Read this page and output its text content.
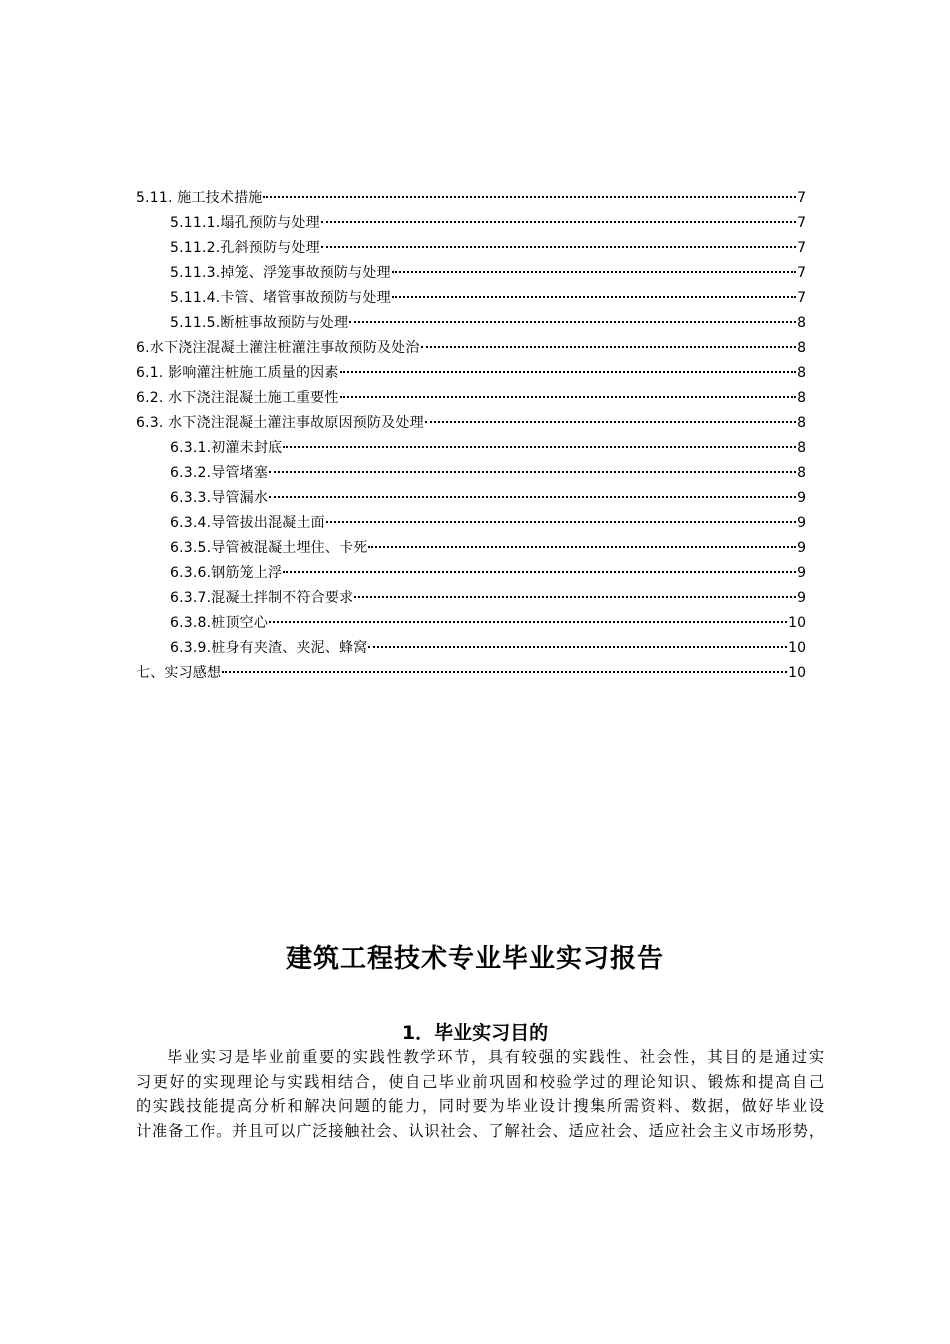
5.11. 施工技术措施	7
5.11.1.塌孔预防与处理	7
5.11.2.孔斜预防与处理	7
5.11.3.掉笼、浮笼事故预防与处理	7
5.11.4.卡管、堵管事故预防与处理	7
5.11.5.断桩事故预防与处理	8
6.水下浇注混凝土灌注桩灌注事故预防及处治	8
6.1. 影响灌注桩施工质量的因素	8
6.2. 水下浇注混凝土施工重要性	8
6.3. 水下浇注混凝土灌注事故原因预防及处理	8
6.3.1.初灌未封底	8
6.3.2.导管堵塞	8
6.3.3.导管漏水	9
6.3.4.导管拔出混凝土面	9
6.3.5.导管被混凝土埋住、卡死	9
6.3.6.钢筋笼上浮	9
6.3.7.混凝土拌制不符合要求	9
6.3.8.桩顶空心	10
6.3.9.桩身有夹渣、夹泥、蜂窝	10
七、实习感想	10
建筑工程技术专业毕业实习报告
1．毕业实习目的
毕业实习是毕业前重要的实践性教学环节，具有较强的实践性、社会性，其目的是通过实
习更好的实现理论与实践相结合，使自己毕业前巩固和校验学过的理论知识、锻炼和提高自己
的实践技能提高分析和解决问题的能力，同时要为毕业设计搜集所需资料、数据，做好毕业设
计准备工作。并且可以广泛接触社会、认识社会、了解社会、适应社会、适应社会主义市场形势，
